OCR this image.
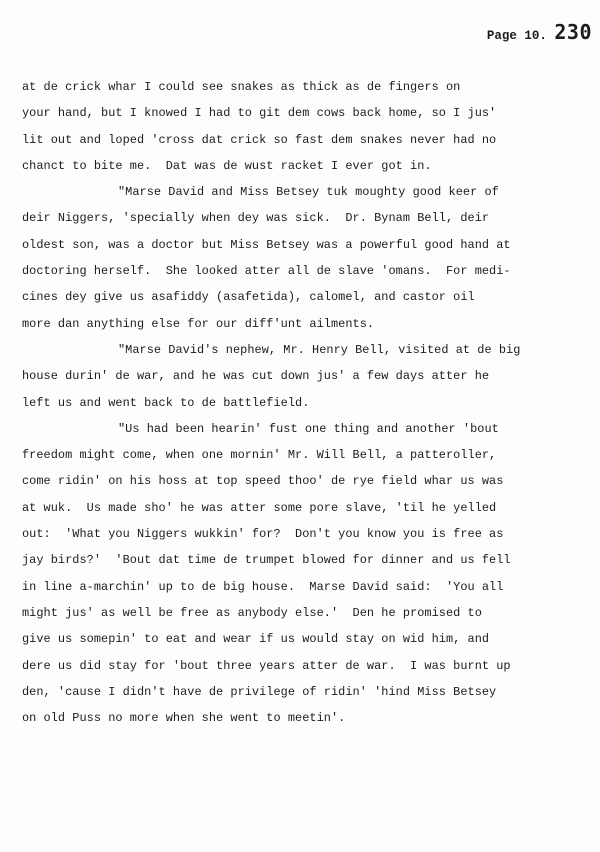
Page 10. 230
at de crick whar I could see snakes as thick as de fingers on
your hand, but I knowed I had to git dem cows back home, so I jus'
lit out and loped 'cross dat crick so fast dem snakes never had no
chanct to bite me.  Dat was de wust racket I ever got in.
"Marse David and Miss Betsey tuk moughty good keer of
deir Niggers, 'specially when dey was sick.  Dr. Bynam Bell, deir
oldest son, was a doctor but Miss Betsey was a powerful good hand at
doctoring herself.  She looked atter all de slave 'omans.  For medi-
cines dey give us asafiddy (asafetida), calomel, and castor oil
more dan anything else for our diff'unt ailments.
"Marse David's nephew, Mr. Henry Bell, visited at de big
house durin' de war, and he was cut down jus' a few days atter he
left us and went back to de battlefield.
"Us had been hearin' fust one thing and another 'bout
freedom might come, when one mornin' Mr. Will Bell, a patteroller,
come ridin' on his hoss at top speed thoo' de rye field whar us was
at wuk.  Us made sho' he was atter some pore slave, 'til he yelled
out:  'What you Niggers wukkin' for?  Don't you know you is free as
jay birds?'  'Bout dat time de trumpet blowed for dinner and us fell
in line a-marchin' up to de big house.  Marse David said:  'You all
might jus' as well be free as anybody else.'  Den he promised to
give us somepin' to eat and wear if us would stay on wid him, and
dere us did stay for 'bout three years atter de war.  I was burnt up
den, 'cause I didn't have de privilege of ridin' 'hind Miss Betsey
on old Puss no more when she went to meetin'.
